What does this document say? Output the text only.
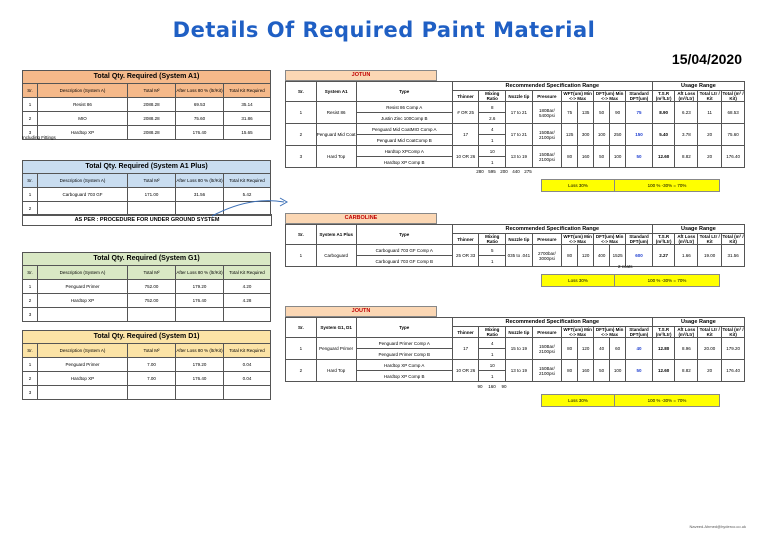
Details Of Required Paint Material
15/04/2020
Total Qty. Required (System A1)				
Sr.	Description (System A)	Total M²	After Loss 80 % (ltr/Kit)	Total Kit Required
1	Resist 86	2088.28	69.53	35.14
2	MIO	2088.28	75.60	31.86
3	Hardtop XP	2088.28	176.40	15.65
Including Fittings
Total Qty. Required (System A1 Plus)				
Sr.	Description (System A)	Total M²	After Loss 80 % (ltr/Kit)	Total Kit Required
1	Carboguard 703 GF	171.00	31.56	5.42
2				
AS PER : PROCEDURE FOR UNDER GROUND SYSTEM
Total Qty. Required (System G1)				
Sr.	Description (System A)	Total M²	After Loss 80 % (ltr/Kit)	Total Kit Required
1	Penguard Primer	752.00	179.20	4.20
2	Hardtop XP	752.00	176.40	4.28
3				
Total Qty. Required (System D1)				
Sr.	Description (System A)	Total M²	After Loss 80 % (ltr/Kit)	Total Kit Required
1	Penguard Primer	7.00	179.20	0.04
2	Hardtop XP	7.00	176.40	0.04
3				
JOTUN
Sr.	System A1	Type	Recommended Specification Range									Usage Range			
			Thinner	Mixing Ratio	Nozzle tip	Pressure	WFT(um) Min <-> Max		DFT(um) Min <-> Max		Standard DFT(um)	T.S.R (m²/Ltr)	Aft Loss (m²/Ltr)	Total Ltr / Kit	Total (m² / Kit)

1	Resist 86	Resist 86 Comp A	# OR 25	8	17 to 21	180Bar/ 5400psi	75	135	50	90	75	8.90	6.23	11	68.53
		Justin Zinc 100Comp B		2.6											
2	Penguard Mid Coat	Penguard Mid CoatMIO Comp A	17	4	17 to 21	150Bar/ 2100psi	125	300	100	250	150	5.40	3.78	20	75.60
		Penguard Mid CoatComp B		1											
3	Hard Top	Hardtop XPComp A	10 OR 26	10	13 to 19	150Bar/ 2100psi	80	160	50	100	50	12.60	8.82	20	176.40
		Hardtop XP Comp B		1											
280 595 200 440 275
Loss 30%	100 % -30% = 70%
CARBOLINE
Sr.	System A1 Plus	Type	Recommended Specification Range									Usage Range			
			Thinner	Mixing Ratio	Nozzle tip	Pressure	WFT(um) Min <-> Max		DFT(um) Min <-> Max		Standard DFT(um)	T.S.R (m²/Ltr)	Aft Loss (m²/Ltr)	Total Ltr / Kit	Total (m² / Kit)

1	Carboguard	Carboguard 703 GF Comp A	25 OR 33	5	035 to .041	2700bar/ 3000psi	80	120	400	1525	600	2.27	1.66	19.00	31.56
		Carboguard 703 GF Comp B		1											
2 coats
Loss 30%	100 % -30% = 70%
JOUTN
Sr.	System G1, D1	Type	Recommended Specification Range									Usage Range			
			Thinner	Mixing Ratio	Nozzle tip	Pressure	WFT(um) Min <-> Max		DFT(um) Min <-> Max		Standard DFT(um)	T.S.R (m²/Ltr)	Aft Loss (m²/Ltr)	Total Ltr / Kit	Total (m² / Kit)

1	Penguard Primer	Penguard Primer Comp A	17	4	15 to 19	150Bar/ 2100psi	80	120	40	60	40	12.80	8.96	20.00	179.20
		Penguard Primer Comp B		1											
2	Hard Top	Hardtop XP Comp A	10 OR 26	10	13 to 19	150Bar/ 2100psi	80	160	50	100	50	12.60	8.82	20	176.40
		Hardtop XP Comp B		1											
90 160 90
Loss 30%	100 % -30% = 70%
Naveed.Ahmed@hyderco.co.uk
